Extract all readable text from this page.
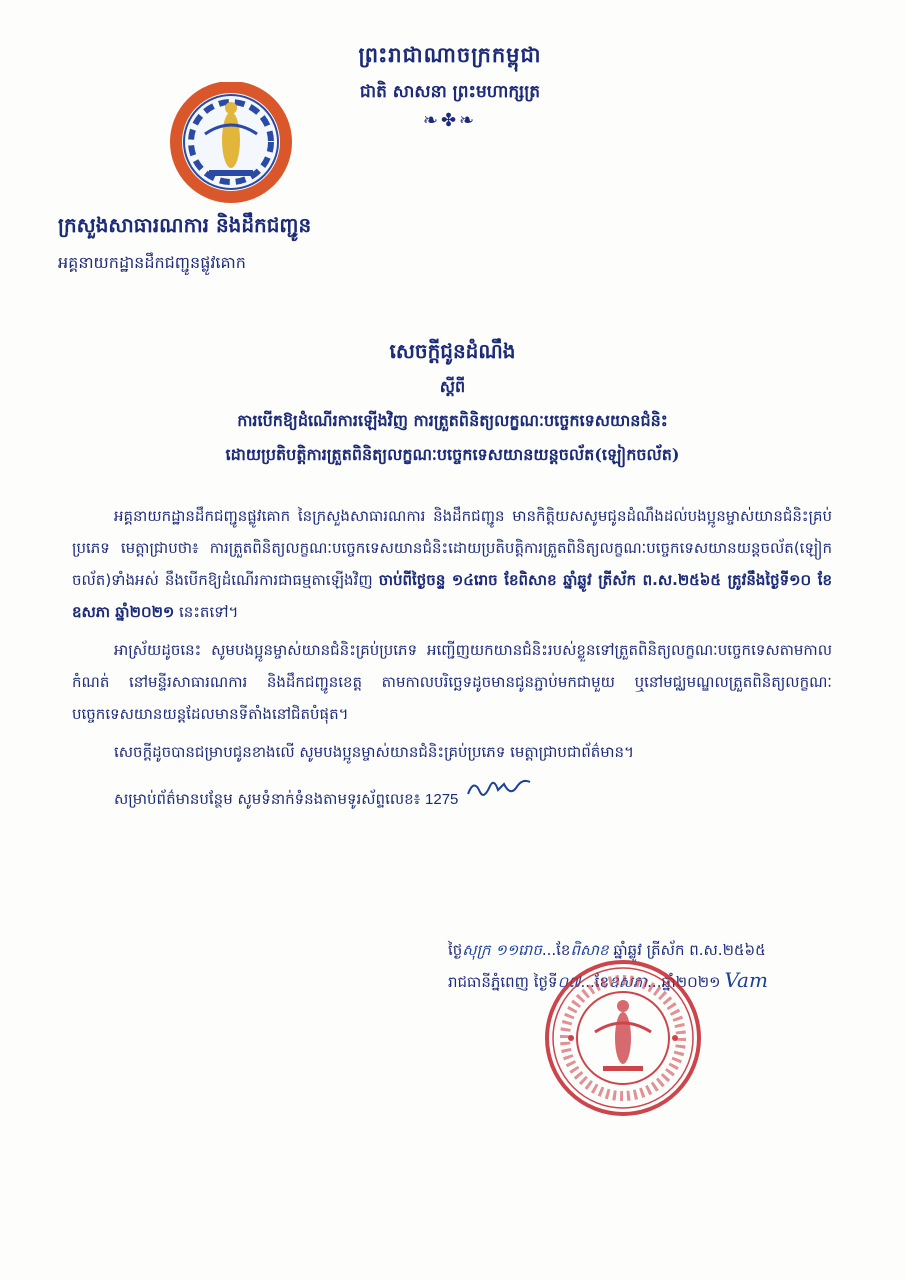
ព្រះរាជាណាចក្រកម្ពុជា
ជាតិ សាសនា ព្រះមហាក្សត្រ
❧✤❧
ក្រសួងសាធារណការ និងដឹកជញ្ជូន
អគ្គនាយកដ្ឋានដឹកជញ្ជូនផ្លូវគោក
សេចក្តីជូនដំណឹង
ស្តីពី
ការបើកឱ្យដំណើរការឡើងវិញ ការត្រួតពិនិត្យលក្ខណៈបច្ចេកទេសយានជំនិះ
ដោយប្រតិបត្តិការត្រួតពិនិត្យលក្ខណៈបច្ចេកទេសយានយន្តចល័ត(ឡៀកចល័ត)

អគ្គនាយកដ្ឋានដឹកជញ្ជូនផ្លូវគោក នៃក្រសួងសាធារណការ និងដឹកជញ្ជូន មានកិត្តិយសសូមជូនដំណឹងដល់បងប្អូនម្ចាស់យានជំនិះគ្រប់ប្រភេទ មេត្តាជ្រាបថា៖ ការត្រួតពិនិត្យលក្ខណៈបច្ចេកទេសយានជំនិះដោយប្រតិបត្តិការត្រួតពិនិត្យលក្ខណៈបច្ចេកទេសយានយន្តចល័ត(ឡៀកចល័ត)ទាំងអស់ នឹងបើកឱ្យដំណើរការជាធម្មតាឡើងវិញ ចាប់ពីថ្ងៃចន្ទ ១៤រោច ខែពិសាខ ឆ្នាំឆ្លូវ ត្រីស័ក ព.ស.២៥៦៥ ត្រូវនឹងថ្ងៃទី១០ ខែឧសភា ឆ្នាំ២០២១ នេះតទៅ។

អាស្រ័យដូចនេះ សូមបងប្អូនម្ចាស់យានជំនិះគ្រប់ប្រភេទ អញ្ជើញយកយានជំនិះរបស់ខ្លួនទៅត្រួតពិនិត្យលក្ខណៈបច្ចេកទេសតាមកាលកំណត់ នៅមន្ទីរសាធារណការ និងដឹកជញ្ជូនខេត្ត តាមកាលបរិច្ឆេទដូចមានជូនភ្ជាប់មកជាមួយ ឬនៅមជ្ឈមណ្ឌលត្រួតពិនិត្យលក្ខណៈបច្ចេកទេសយានយន្តដែលមានទីតាំងនៅជិតបំផុត។

សេចក្តីដូចបានជម្រាបជូនខាងលើ សូមបងប្អូនម្ចាស់យានជំនិះគ្រប់ប្រភេទ មេត្តាជ្រាបជាព័ត៌មាន។

សម្រាប់ព័ត៌មានបន្ថែម សូមទំនាក់ទំនងតាមទូរស័ព្ទលេខ៖ 1275

ថ្ងៃសុក្រ ១១រោច...ខែពិសាខ ឆ្នាំឆ្លូវ ត្រីស័ក ព.ស.២៥៦៥
រាជធានីភ្នំពេញ ថ្ងៃទី០៧...ខែឧសភា...ឆ្នាំ២០២១ Vam
